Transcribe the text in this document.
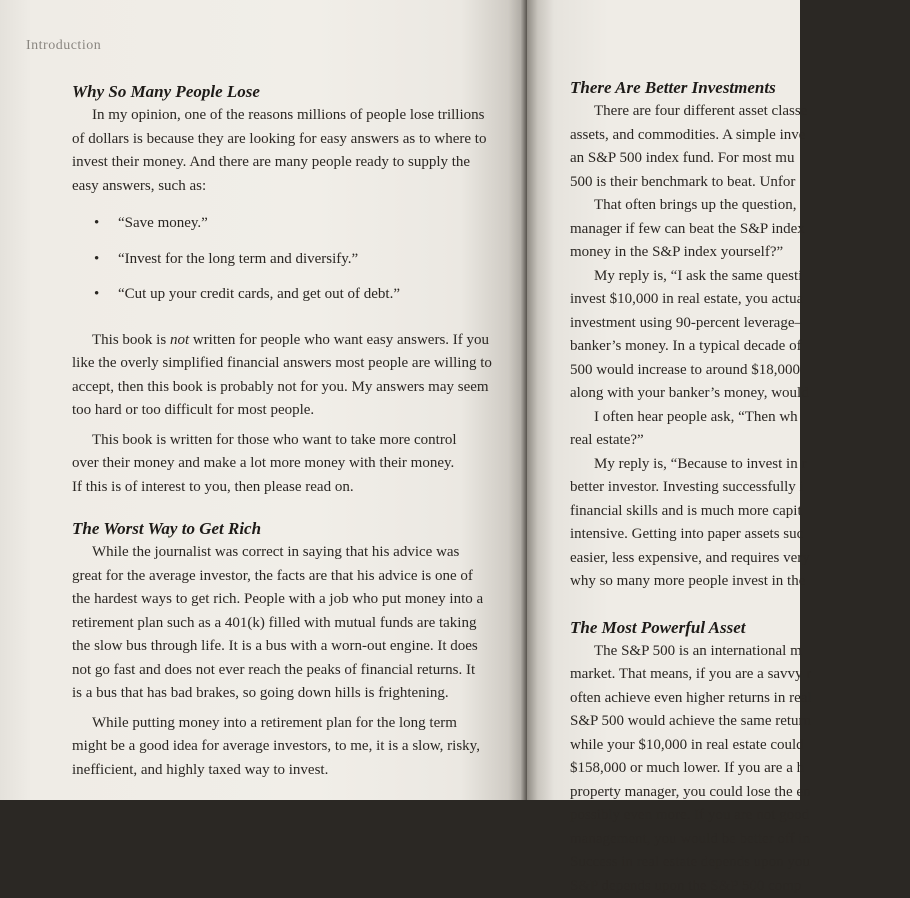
Introduction

Why So Many People Lose

In my opinion, one of the reasons millions of people lose trillions

of dollars is because they are looking for easy answers as to where to

invest their money. And there are many people ready to supply the

easy answers, such as:

• “Save money.”
• “Invest for the long term and diversify.”
• “Cut up your credit cards, and get out of debt.”

This book is not written for people who want easy answers. If you

like the overly simplified financial answers most people are willing to

accept, then this book is probably not for you. My answers may seem

too hard or too difficult for most people.

This book is written for those who want to take more control

over their money and make a lot more money with their money.

If this is of interest to you, then please read on.

The Worst Way to Get Rich

While the journalist was correct in saying that his advice was

great for the average investor, the facts are that his advice is one of

the hardest ways to get rich. People with a job who put money into a

retirement plan such as a 401(k) filled with mutual funds are taking

the slow bus through life. It is a bus with a worn-out engine. It does

not go fast and does not ever reach the peaks of financial returns. It

is a bus that has bad brakes, so going down hills is frightening.

While putting money into a retirement plan for the long term

might be a good idea for average investors, to me, it is a slow, risky,

inefficient, and highly taxed way to invest.

There Are Better Investments

There are four different asset classe

assets, and commodities. A simple inve

an S&P 500 index fund. For most mu

500 is their benchmark to beat. Unfor

That often brings up the question,

manager if few can beat the S&P index

money in the S&P index yourself?”

My reply is, “I ask the same questi

invest $10,000 in real estate, you actua

investment using 90-percent leverage–

banker’s money. In a typical decade of

500 would increase to around $18,000

along with your banker’s money, would

I often hear people ask, “Then wh

real estate?”

My reply is, “Because to invest in r

better investor. Investing successfully i

financial skills and is much more capit

intensive. Getting into paper assets suc

easier, less expensive, and requires very

why so many more people invest in the

The Most Powerful Asset

The S&P 500 is an international m

market. That means, if you are a savvy r

often achieve even higher returns in real

S&P 500 would achieve the same return

while your $10,000 in real estate could

$158,000 or much lower. If you are a h

property manager, you could lose the en

possibly even more. If you are not good

management, you would be better off in

Success in real estate depends upon you

S&P depends upon the S&P 500 comp
